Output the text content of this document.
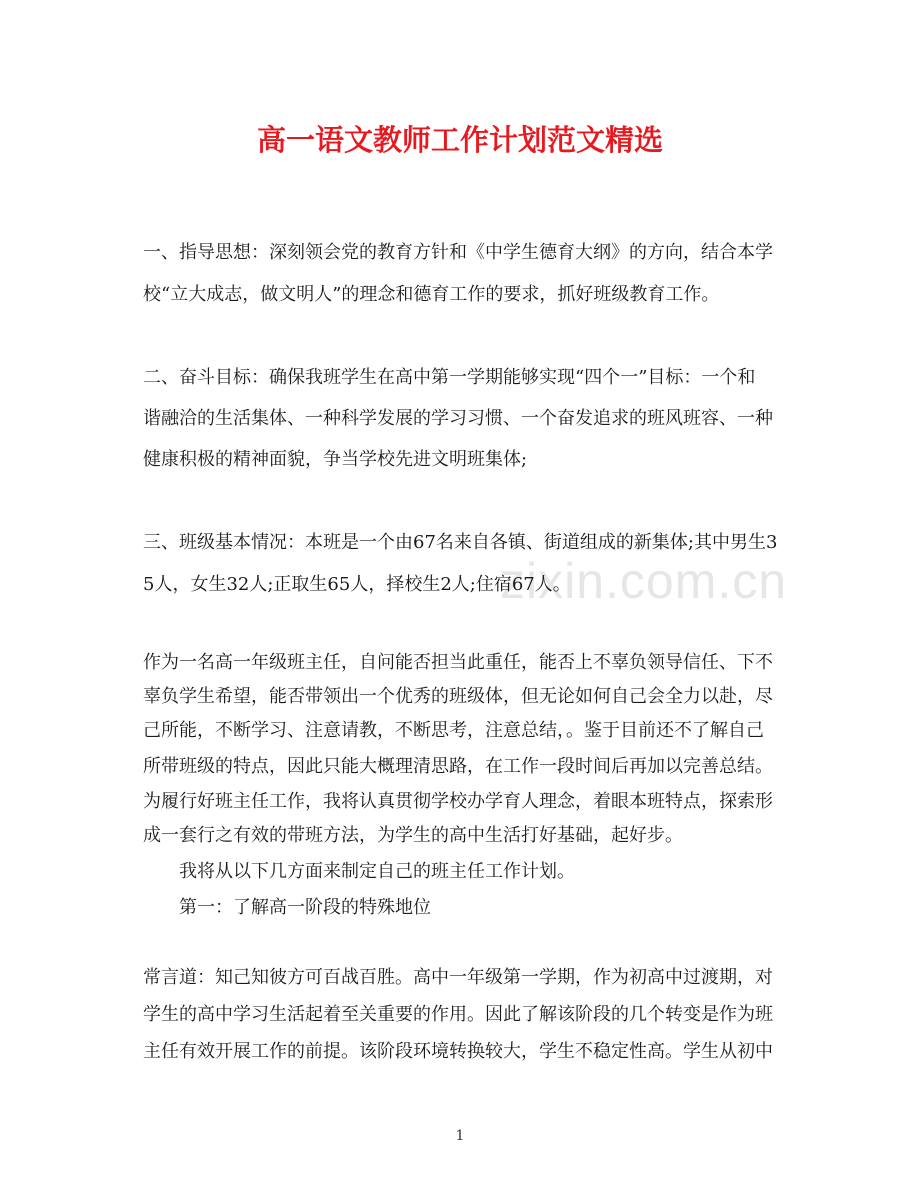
zixin.com.cn
高一语文教师工作计划范文精选
一、指导思想：深刻领会党的教育方针和《中学生德育大纲》的方向，结合本学
校“立大成志，做文明人”的理念和德育工作的要求，抓好班级教育工作。
二、奋斗目标：确保我班学生在高中第一学期能够实现“四个一”目标：一个和
谐融洽的生活集体、一种科学发展的学习习惯、一个奋发追求的班风班容、一种
健康积极的精神面貌，争当学校先进文明班集体;
三、班级基本情况：本班是一个由67名来自各镇、街道组成的新集体;其中男生3
5人，女生32人;正取生65人，择校生2人;住宿67人。
作为一名高一年级班主任，自问能否担当此重任，能否上不辜负领导信任、下不
辜负学生希望，能否带领出一个优秀的班级体，但无论如何自己会全力以赴，尽
己所能，不断学习、注意请教，不断思考，注意总结，。鉴于目前还不了解自己
所带班级的特点，因此只能大概理清思路，在工作一段时间后再加以完善总结。
为履行好班主任工作，我将认真贯彻学校办学育人理念，着眼本班特点，探索形
成一套行之有效的带班方法，为学生的高中生活打好基础，起好步。
我将从以下几方面来制定自己的班主任工作计划。
第一：了解高一阶段的特殊地位
常言道：知己知彼方可百战百胜。高中一年级第一学期，作为初高中过渡期，对
学生的高中学习生活起着至关重要的作用。因此了解该阶段的几个转变是作为班
主任有效开展工作的前提。该阶段环境转换较大，学生不稳定性高。学生从初中
1
